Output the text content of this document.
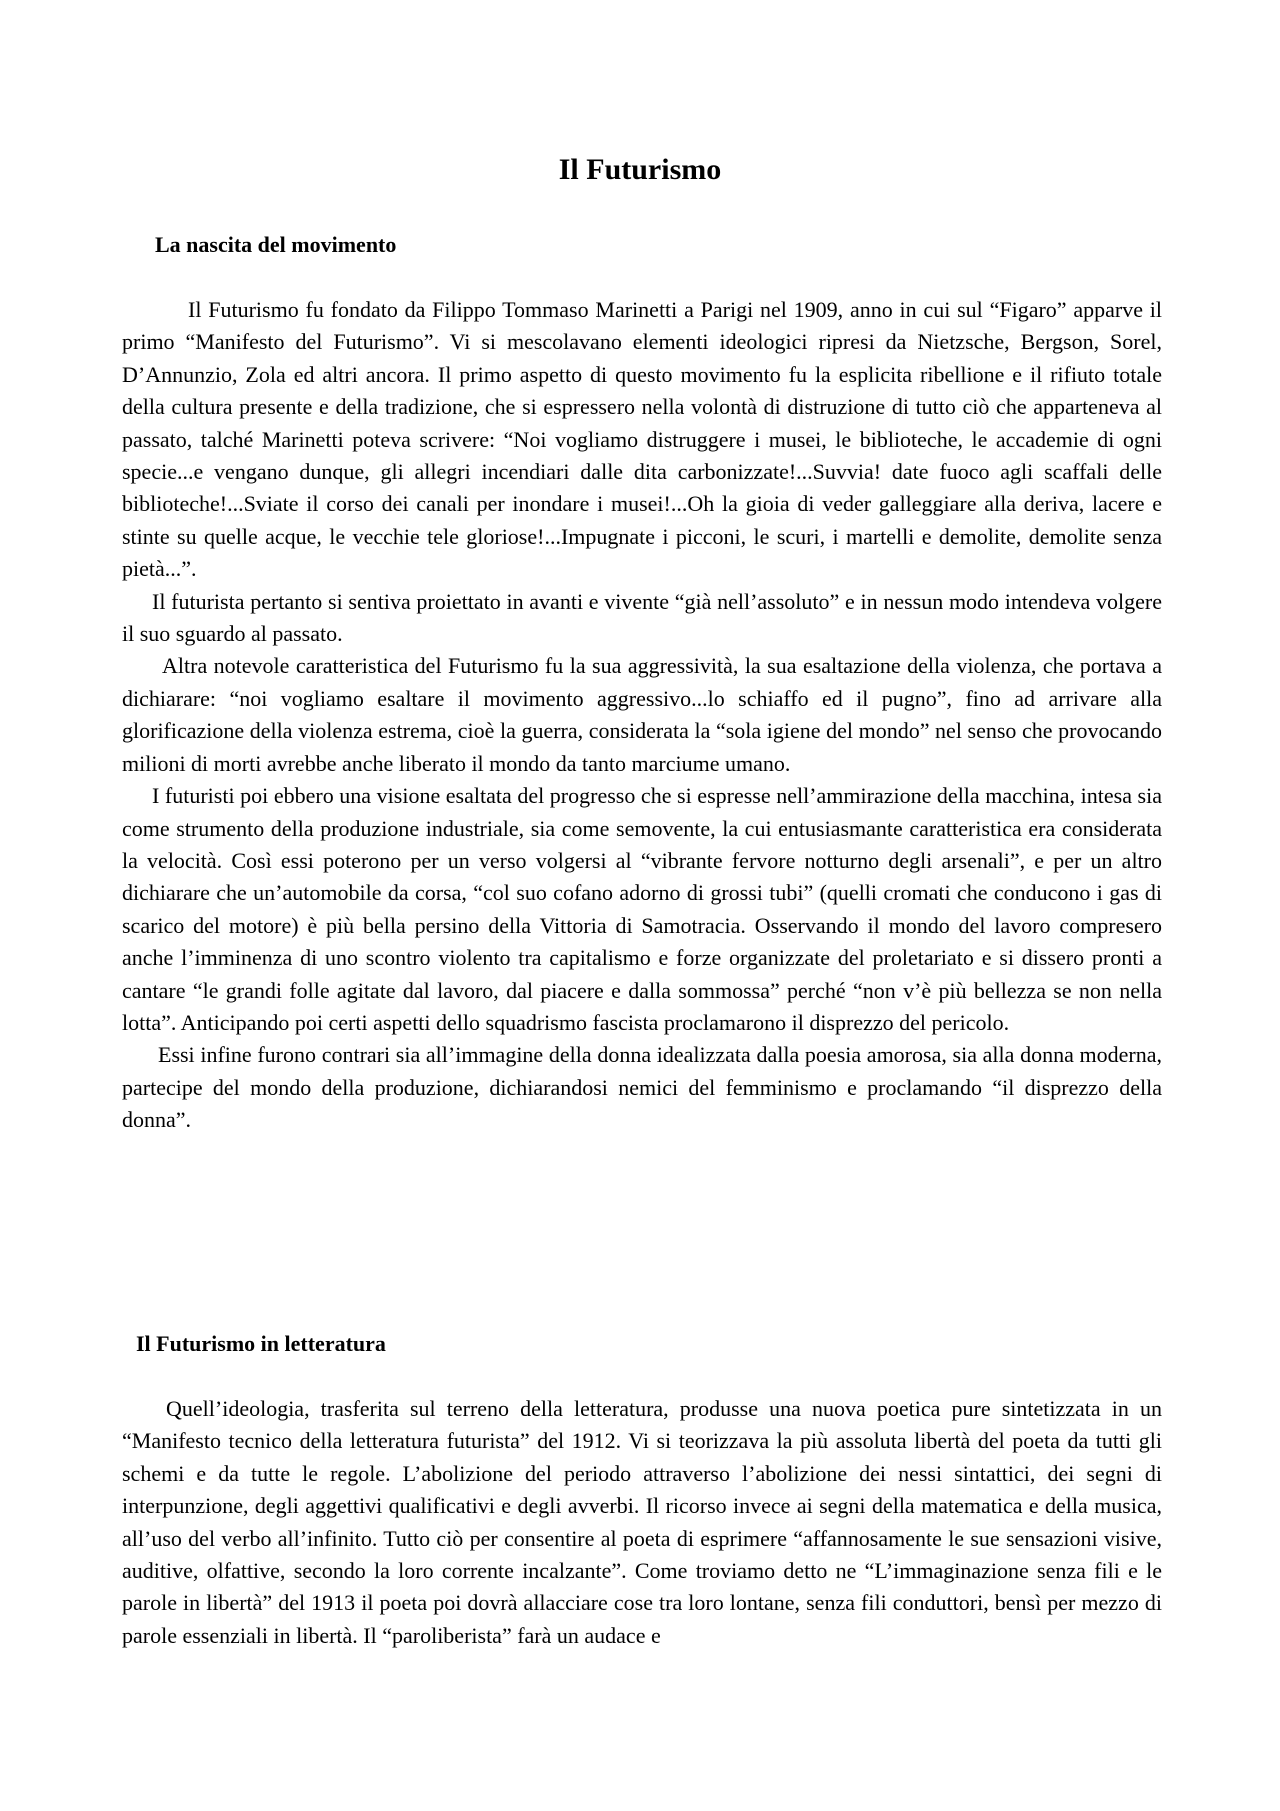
Il Futurismo
La nascita del movimento

Il Futurismo fu fondato da Filippo Tommaso Marinetti a Parigi nel 1909, anno in cui sul “Figaro” apparve il primo “Manifesto del Futurismo”. Vi si mescolavano elementi ideologici ripresi da Nietzsche, Bergson, Sorel, D’Annunzio, Zola ed altri ancora. Il primo aspetto di questo movimento fu la esplicita ribellione e il rifiuto totale della cultura presente e della tradizione, che si espressero nella volontà di distruzione di tutto ciò che apparteneva al passato, talché Marinetti poteva scrivere: “Noi vogliamo distruggere i musei, le biblioteche, le accademie di ogni specie...e vengano dunque, gli allegri incendiari dalle dita carbonizzate!...Suvvia! date fuoco agli scaffali delle biblioteche!...Sviate il corso dei canali per inondare i musei!...Oh la gioia di veder galleggiare alla deriva, lacere e stinte su quelle acque, le vecchie tele gloriose!...Impugnate i picconi, le scuri, i martelli e demolite, demolite senza pietà...”.

Il futurista pertanto si sentiva proiettato in avanti e vivente “già nell’assoluto” e in nessun modo intendeva volgere il suo sguardo al passato.

Altra notevole caratteristica del Futurismo fu la sua aggressività, la sua esaltazione della violenza, che portava a dichiarare: “noi vogliamo esaltare il movimento aggressivo...lo schiaffo ed il pugno”, fino ad arrivare alla glorificazione della violenza estrema, cioè la guerra, considerata la “sola igiene del mondo” nel senso che provocando milioni di morti avrebbe anche liberato il mondo da tanto marciume umano.

I futuristi poi ebbero una visione esaltata del progresso che si espresse nell’ammirazione della macchina, intesa sia come strumento della produzione industriale, sia come semovente, la cui entusiasmante caratteristica era considerata la velocità. Così essi poterono per un verso volgersi al “vibrante fervore notturno degli arsenali”, e per un altro dichiarare che un’automobile da corsa, “col suo cofano adorno di grossi tubi” (quelli cromati che conducono i gas di scarico del motore) è più bella persino della Vittoria di Samotracia. Osservando il mondo del lavoro compresero anche l’imminenza di uno scontro violento tra capitalismo e forze organizzate del proletariato e si dissero pronti a cantare “le grandi folle agitate dal lavoro, dal piacere e dalla sommossa” perché “non v’è più bellezza se non nella lotta”. Anticipando poi certi aspetti dello squadrismo fascista proclamarono il disprezzo del pericolo.

Essi infine furono contrari sia all’immagine della donna idealizzata dalla poesia amorosa, sia alla donna moderna, partecipe del mondo della produzione, dichiarandosi nemici del femminismo e proclamando “il disprezzo della donna”.

Il Futurismo in letteratura

Quell’ideologia, trasferita sul terreno della letteratura, produsse una nuova poetica pure sintetizzata in un “Manifesto tecnico della letteratura futurista” del 1912. Vi si teorizzava la più assoluta libertà del poeta da tutti gli schemi e da tutte le regole. L’abolizione del periodo attraverso l’abolizione dei nessi sintattici, dei segni di interpunzione, degli aggettivi qualificativi e degli avverbi. Il ricorso invece ai segni della matematica e della musica, all’uso del verbo all’infinito. Tutto ciò per consentire al poeta di esprimere “affannosamente le sue sensazioni visive, auditive, olfattive, secondo la loro corrente incalzante”. Come troviamo detto ne “L’immaginazione senza fili e le parole in libertà” del 1913 il poeta poi dovrà allacciare cose tra loro lontane, senza fili conduttori, bensì per mezzo di parole essenziali in libertà. Il “paroliberista” farà un audace e
